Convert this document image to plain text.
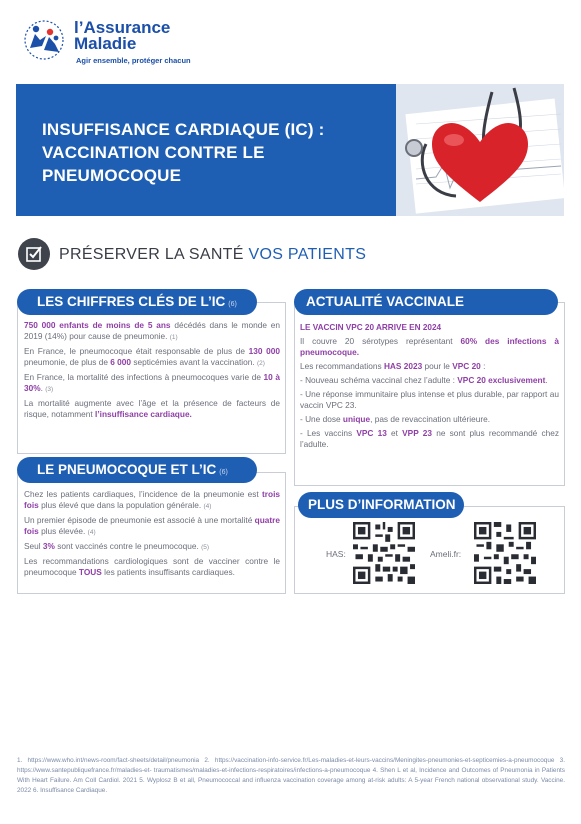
l’Assurance
Maladie
Agir ensemble, protéger chacun
INSUFFISANCE CARDIAQUE (IC) : VACCINATION CONTRE LE PNEUMOCOQUE
PRÉSERVER LA SANTÉ VOS PATIENTS
LES CHIFFRES CLÉS DE L’IC (6)

750 000 enfants de moins de 5 ans décédés dans le monde en 2019 (14%) pour cause de pneumonie. (1)

En France, le pneumocoque était responsable de plus de 130 000 pneumonie, de plus de 6 000 septicémies avant la vaccination. (2)

En France, la mortalité des infections à pneumocoques varie de 10 à 30%. (3)

La mortalité augmente avec l’âge et la présence de facteurs de risque, notamment l’insuffisance cardiaque.

LE PNEUMOCOQUE ET L’IC (6)

Chez les patients cardiaques, l’incidence de la pneumonie est trois fois plus élevé que dans la population générale. (4)

Un premier épisode de pneumonie est associé à une mortalité quatre fois plus élevée. (4)

Seul 3% sont vaccinés contre le pneumocoque. (5)

Les recommandations cardiologiques sont de vacciner contre le pneumocoque TOUS les patients insuffisants cardiaques.

ACTUALITÉ VACCINALE

LE VACCIN VPC 20 ARRIVE EN 2024

Il couvre 20 sérotypes représentant 60% des infections à pneumocoque.

Les recommandations HAS 2023 pour le VPC 20 :

- Nouveau schéma vaccinal chez l’adulte : VPC 20 exclusivement.

- Une réponse immunitaire plus intense et plus durable, par rapport au vaccin VPC 23.

- Une dose unique, pas de revaccination ultérieure.

- Les vaccins VPC 13 et VPP 23 ne sont plus recommandé chez l’adulte.

PLUS D’INFORMATION
HAS:	Ameli.fr:
1. https://www.who.int/news-room/fact-sheets/detail/pneumonia 2. https://vaccination-info-service.fr/Les-maladies-et-leurs-vaccins/Meningites-pneumonies-et-septicemies-a-pneumocoque 3. https://www.santepubliquefrance.fr/maladies-et- traumatismes/maladies-et-infections-respiratoires/infections-a-pneumocoque 4. Shen L et al, Incidence and Outcomes of Pneumonia in Patients With Heart Failure. Am Coll Cardiol. 2021 5. Wyplosz B et all, Pneumococcal and influenza vaccination coverage among at-risk adults: A 5-year French national observational study. Vaccine. 2022 6. Insuffisance Cardiaque.
